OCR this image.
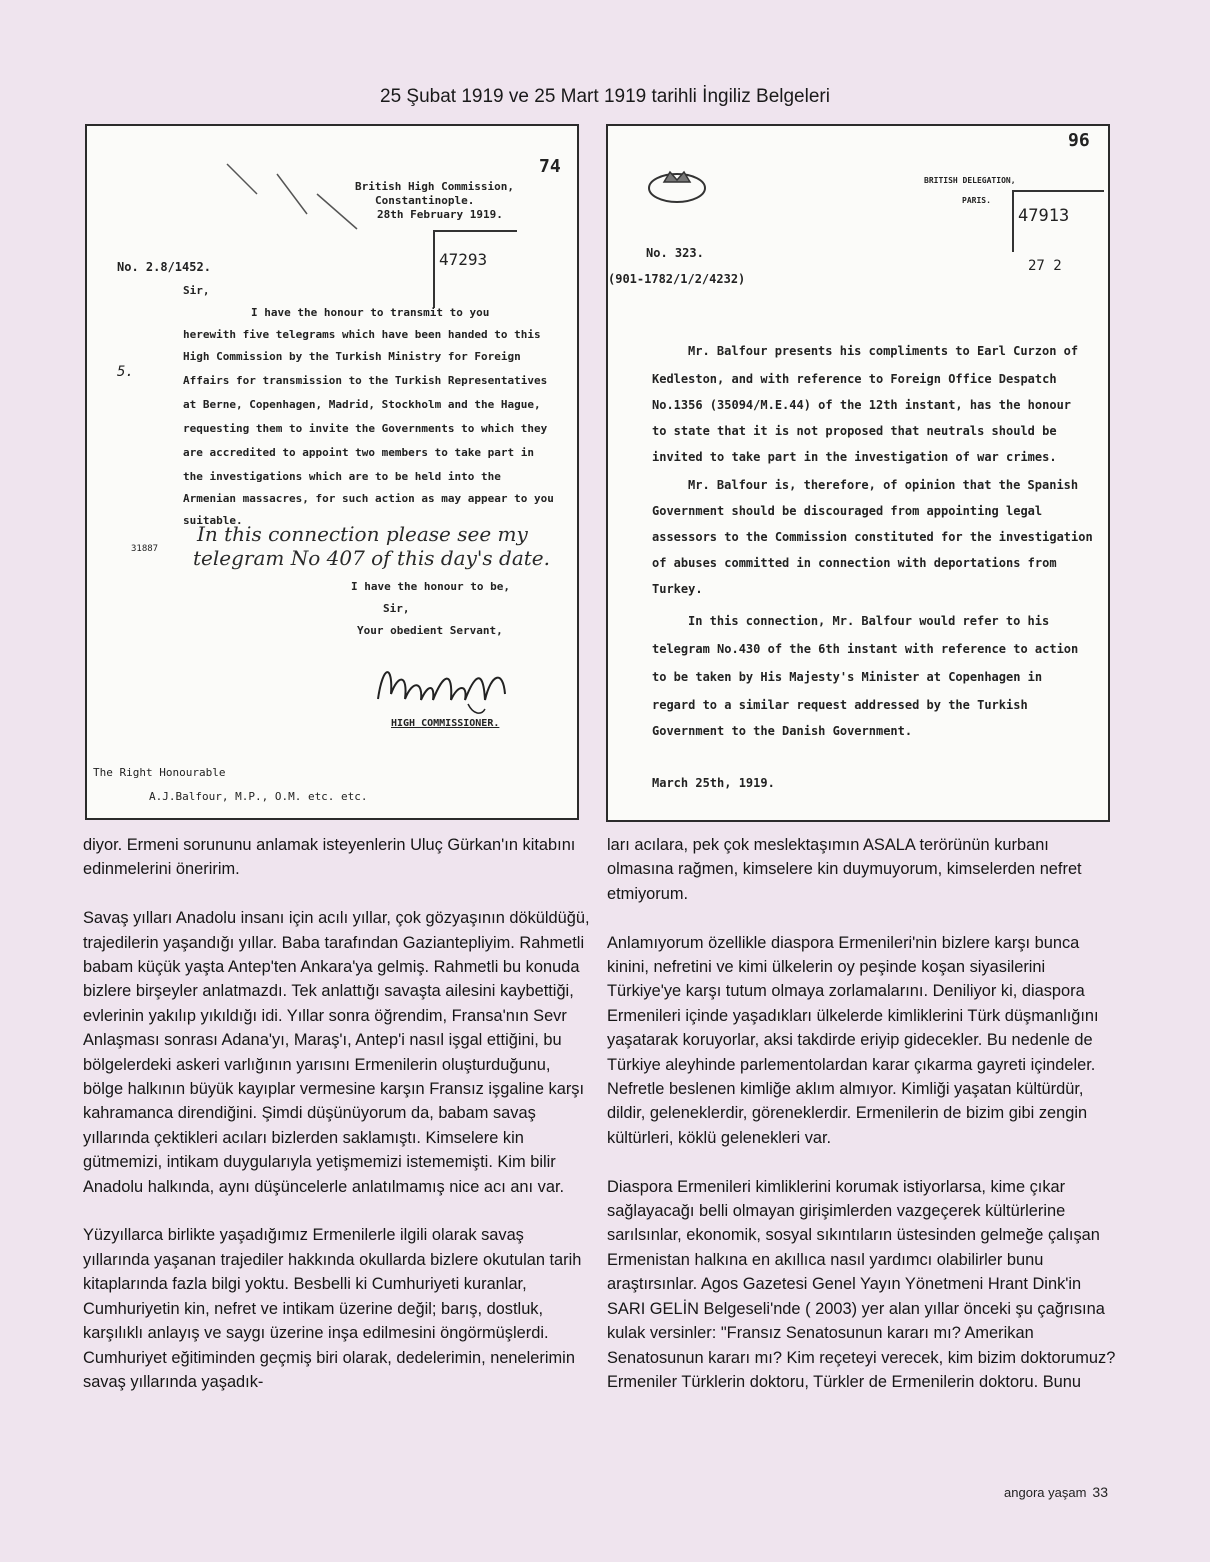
25 Şubat 1919 ve 25 Mart 1919 tarihli İngiliz Belgeleri
74
British High Commission,
Constantinople.
28th February 1919.
No. 2.8/1452.	47293
Sir,
I have the honour to transmit to you
herewith five telegrams which have been handed to this
High Commission by the Turkish Ministry for Foreign
Affairs for transmission to the Turkish Representatives
at Berne, Copenhagen, Madrid, Stockholm and the Hague,
requesting them to invite the Governments to which they
are accredited to appoint two members to take part in
the investigations which are to be held into the
Armenian massacres, for such action as may appear to you
suitable.
5.
31887
In this connection please see my
telegram No 407 of this day's date.
I have the honour to be,
Sir,
Your obedient Servant,
HIGH COMMISSIONER.
The Right Honourable
A.J.Balfour, M.P., O.M. etc. etc.
96
BRITISH DELEGATION,
PARIS.
47913
27 2
No. 323.
(901-1782/1/2/4232)
Mr. Balfour presents his compliments to Earl Curzon of
Kedleston, and with reference to Foreign Office Despatch
No.1356 (35094/M.E.44) of the 12th instant, has the honour
to state that it is not proposed that neutrals should be
invited to take part in the investigation of war crimes.
Mr. Balfour is, therefore, of opinion that the Spanish
Government should be discouraged from appointing legal
assessors to the Commission constituted for the investigation
of abuses committed in connection with deportations from
Turkey.
In this connection, Mr. Balfour would refer to his
telegram No.430 of the 6th instant with reference to action
to be taken by His Majesty's Minister at Copenhagen in
regard to a similar request addressed by the Turkish
Government to the Danish Government.
March 25th, 1919.

diyor. Ermeni sorununu anlamak isteyenlerin Uluç Gürkan'ın kitabını edinmelerini öneririm.

Savaş yılları Anadolu insanı için acılı yıllar, çok gözyaşının döküldüğü, trajedilerin yaşandığı yıllar. Baba tarafından Gaziantepliyim. Rahmetli babam küçük yaşta Antep'ten Ankara'ya gelmiş. Rahmetli bu konuda bizlere birşeyler anlatmazdı. Tek anlattığı savaşta ailesini kaybettiği, evlerinin yakılıp yıkıldığı idi. Yıllar sonra öğrendim, Fransa'nın Sevr Anlaşması sonrası Adana'yı, Maraş'ı, Antep'i nasıl işgal ettiğini, bu bölgelerdeki askeri varlığının yarısını Ermenilerin oluşturduğunu, bölge halkının büyük kayıplar vermesine karşın Fransız işgaline karşı kahramanca direndiğini. Şimdi düşünüyorum da, babam savaş yıllarında çektikleri acıları bizlerden saklamıştı. Kimselere kin gütmemizi, intikam duygularıyla yetişmemizi istememişti. Kim bilir Anadolu halkında, aynı düşüncelerle anlatılmamış nice acı anı var.

Yüzyıllarca birlikte yaşadığımız Ermenilerle ilgili olarak savaş yıllarında yaşanan trajediler hakkında okullarda bizlere okutulan tarih kitaplarında fazla bilgi yoktu. Besbelli ki Cumhuriyeti kuranlar, Cumhuriyetin kin, nefret ve intikam üzerine değil; barış, dostluk, karşılıklı anlayış ve saygı üzerine inşa edilmesini öngörmüşlerdi. Cumhuriyet eğitiminden geçmiş biri olarak, dedelerimin, nenelerimin savaş yıllarında yaşadık-

ları acılara, pek çok meslektaşımın ASALA terörünün kurbanı olmasına rağmen, kimselere kin duymuyorum, kimselerden nefret etmiyorum.

Anlamıyorum özellikle diaspora Ermenileri'nin bizlere karşı bunca kinini, nefretini ve kimi ülkelerin oy peşinde koşan siyasilerini Türkiye'ye karşı tutum olmaya zorlamalarını. Deniliyor ki, diaspora Ermenileri içinde yaşadıkları ülkelerde kimliklerini Türk düşmanlığını yaşatarak koruyorlar, aksi takdirde eriyip gidecekler. Bu nedenle de Türkiye aleyhinde parlementolardan karar çıkarma gayreti içindeler. Nefretle beslenen kimliğe aklım almıyor. Kimliği yaşatan kültürdür, dildir, geleneklerdir, göreneklerdir. Ermenilerin de bizim gibi zengin kültürleri, köklü gelenekleri var.

Diaspora Ermenileri kimliklerini korumak istiyorlarsa, kime çıkar sağlayacağı belli olmayan girişimlerden vazgeçerek kültürlerine sarılsınlar, ekonomik, sosyal sıkıntıların üstesinden gelmeğe çalışan Ermenistan halkına en akıllıca nasıl yardımcı olabilirler bunu araştırsınlar. Agos Gazetesi Genel Yayın Yönetmeni Hrant Dink'in SARI GELİN Belgeseli'nde ( 2003) yer alan yıllar önceki şu çağrısına kulak versinler: "Fransız Senatosunun kararı mı? Amerikan Senatosunun kararı mı? Kim reçeteyi verecek, kim bizim doktorumuz? Ermeniler Türklerin doktoru, Türkler de Ermenilerin doktoru. Bunu

angora yaşam 33
